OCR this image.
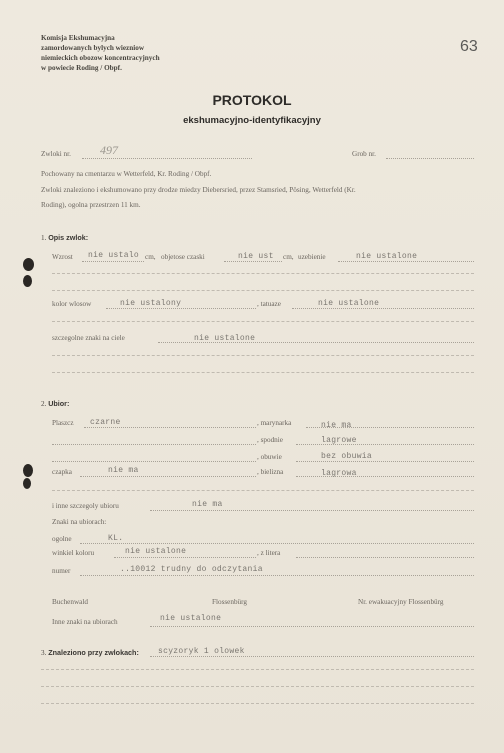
Komisja Ekshumacyjna
zamordowanych bylych wiezniow
niemieckich obozow koncentracyjnych
w powiecie Roding / Obpf.
63
PROTOKOL
ekshumacyjno-identyfikacyjny
Zwloki nr. 497	Grob nr.
Pochowany na cmentarzu w Wetterfeld, Kr. Roding / Obpf.
Zwloki znaleziono i ekshumowano przy drodze miedzy Diebersried, przez Stamsried, Pösing, Wetterfeld (Kr.
Roding), ogolna przestrzen 11 km.
1. Opis zwlok:
Wzrost nie ustalo cm, objetose czaski	nie ust cm, uzebienie	nie ustalone
kolor wlosow	nie ustalony	, tatuaze	nie ustalone
szczegolne znaki na ciele	nie ustalone
2. Ubior:
Plaszcz czarne	, marynarka	nie ma
, spodnie	lagrowe
, obuwie	bez obuwia
czapka	nie ma	, bielizna	lagrowa
i inne szczegoly ubioru	nie ma
Znaki na ubiorach:
ogolne	KL.
winkiel koloru	nie ustalone	, z litera
numer	..10012 trudny do odczytania
Buchenwald	Flossenbürg	Nr. ewakuacyjny Flossenbürg
Inne znaki na ubiorach	nie ustalone
3. Znaleziono przy zwlokach: scyzoryk 1 olowek
